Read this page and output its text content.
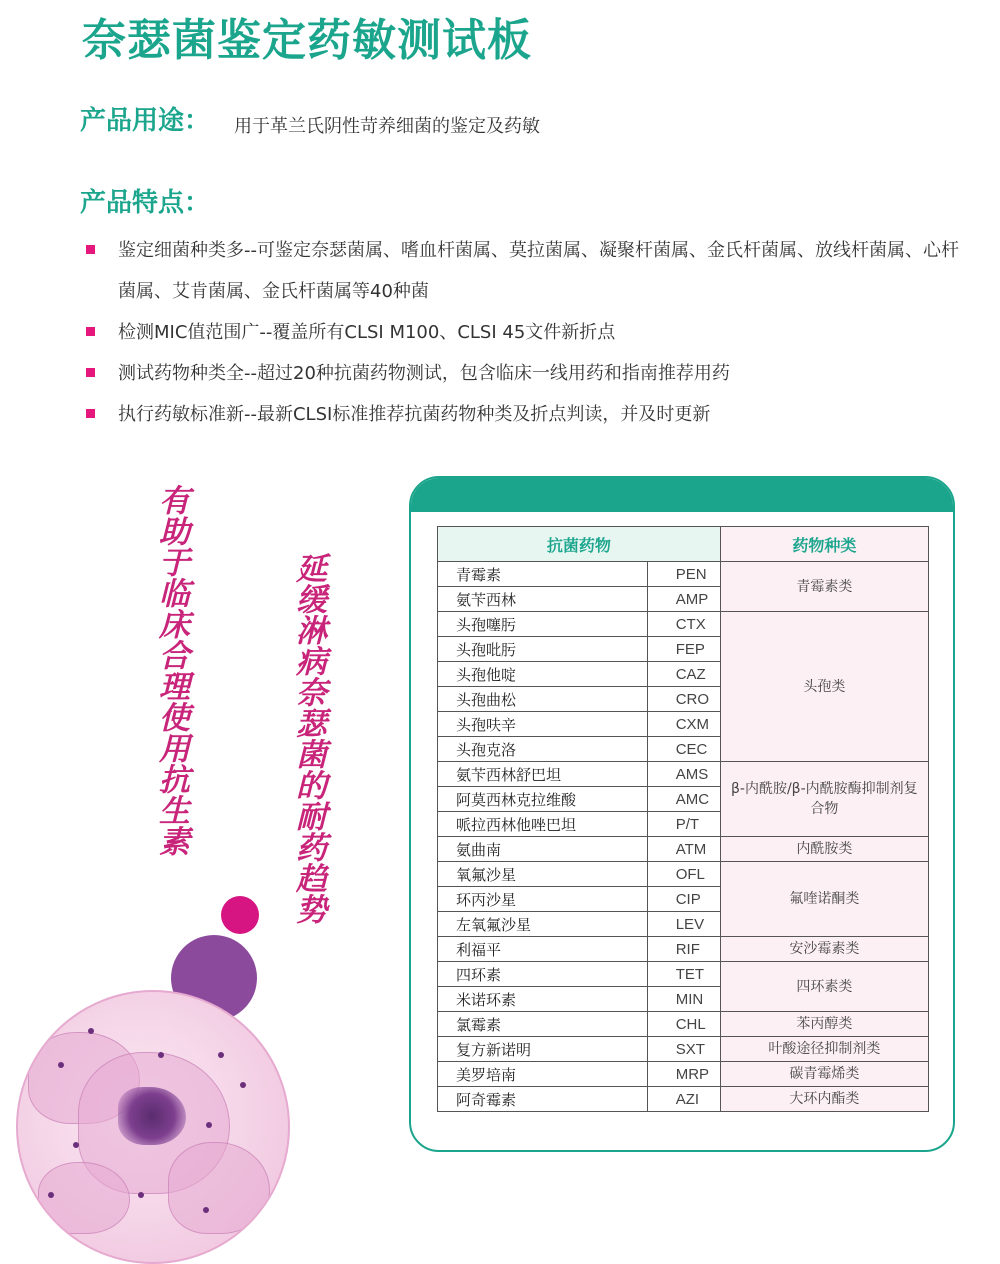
奈瑟菌鉴定药敏测试板
产品用途： 用于革兰氏阴性苛养细菌的鉴定及药敏
产品特点：
鉴定细菌种类多--可鉴定奈瑟菌属、嗜血杆菌属、莫拉菌属、凝聚杆菌属、金氏杆菌属、放线杆菌属、心杆菌属、艾肯菌属、金氏杆菌属等40种菌
检测MIC值范围广--覆盖所有CLSI M100、CLSI 45文件新折点
测试药物种类全--超过20种抗菌药物测试，包含临床一线用药和指南推荐用药
执行药敏标准新--最新CLSI标准推荐抗菌药物种类及折点判读，并及时更新
有助于临床合理使用抗生素	延缓淋病奈瑟菌的耐药趋势
抗菌药物		药物种类
青霉素	PEN	青霉素类
氨苄西林	AMP	
头孢噻肟	CTX	头孢类
头孢吡肟	FEP	
头孢他啶	CAZ	
头孢曲松	CRO	
头孢呋辛	CXM	
头孢克洛	CEC	
氨苄西林舒巴坦	AMS	β-内酰胺/β-内酰胺酶抑制剂复合物
阿莫西林克拉维酸	AMC	
哌拉西林他唑巴坦	P/T	
氨曲南	ATM	内酰胺类
氧氟沙星	OFL	氟喹诺酮类
环丙沙星	CIP	
左氧氟沙星	LEV	
利福平	RIF	安沙霉素类
四环素	TET	四环素类
米诺环素	MIN	
氯霉素	CHL	苯丙醇类
复方新诺明	SXT	叶酸途径抑制剂类
美罗培南	MRP	碳青霉烯类
阿奇霉素	AZI	大环内酯类
